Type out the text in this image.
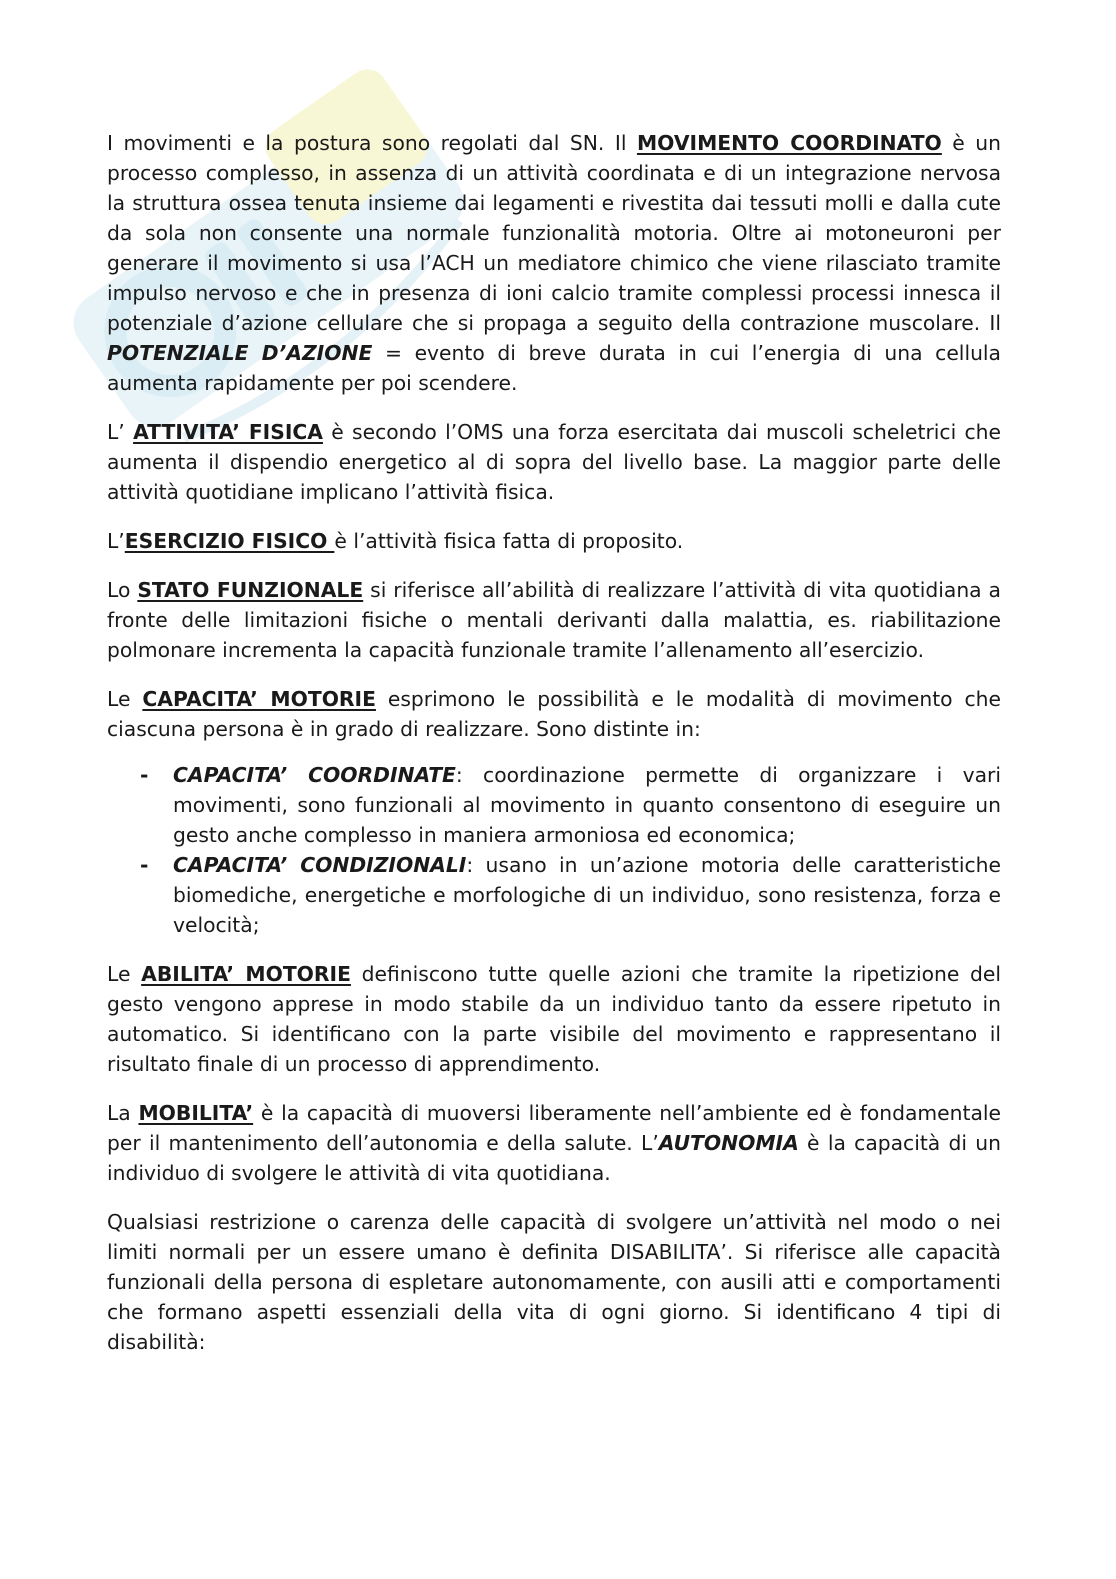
I movimenti e la postura sono regolati dal SN. Il MOVIMENTO COORDINATO è un processo complesso, in assenza di un attività coordinata e di un integrazione nervosa la struttura ossea tenuta insieme dai legamenti e rivestita dai tessuti molli e dalla cute da sola non consente una normale funzionalità motoria. Oltre ai motoneuroni per generare il movimento si usa l’ACH un mediatore chimico che viene rilasciato tramite impulso nervoso e che in presenza di ioni calcio tramite complessi processi innesca il potenziale d’azione cellulare che si propaga a seguito della contrazione muscolare. Il POTENZIALE D’AZIONE = evento di breve durata in cui l’energia di una cellula aumenta rapidamente per poi scendere.

L’ ATTIVITA’ FISICA è secondo l’OMS una forza esercitata dai muscoli scheletrici che aumenta il dispendio energetico al di sopra del livello base. La maggior parte delle attività quotidiane implicano l’attività fisica.

L’ESERCIZIO FISICO è l’attività fisica fatta di proposito.

Lo STATO FUNZIONALE si riferisce all’abilità di realizzare l’attività di vita quotidiana a fronte delle limitazioni fisiche o mentali derivanti dalla malattia, es. riabilitazione polmonare incrementa la capacità funzionale tramite l’allenamento all’esercizio.

Le CAPACITA’ MOTORIE esprimono le possibilità e le modalità di movimento che ciascuna persona è in grado di realizzare. Sono distinte in:

- CAPACITA’ COORDINATE: coordinazione permette di organizzare i vari movimenti, sono funzionali al movimento in quanto consentono di eseguire un gesto anche complesso in maniera armoniosa ed economica;
- CAPACITA’ CONDIZIONALI: usano in un’azione motoria delle caratteristiche biomediche, energetiche e morfologiche di un individuo, sono resistenza, forza e velocità;

Le ABILITA’ MOTORIE definiscono tutte quelle azioni che tramite la ripetizione del gesto vengono apprese in modo stabile da un individuo tanto da essere ripetuto in automatico. Si identificano con la parte visibile del movimento e rappresentano il risultato finale di un processo di apprendimento.

La MOBILITA’ è la capacità di muoversi liberamente nell’ambiente ed è fondamentale per il mantenimento dell’autonomia e della salute. L’AUTONOMIA è la capacità di un individuo di svolgere le attività di vita quotidiana.

Qualsiasi restrizione o carenza delle capacità di svolgere un’attività nel modo o nei limiti normali per un essere umano è definita DISABILITA’. Si riferisce alle capacità funzionali della persona di espletare autonomamente, con ausili atti e comportamenti che formano aspetti essenziali della vita di ogni giorno. Si identificano 4 tipi di disabilità:
